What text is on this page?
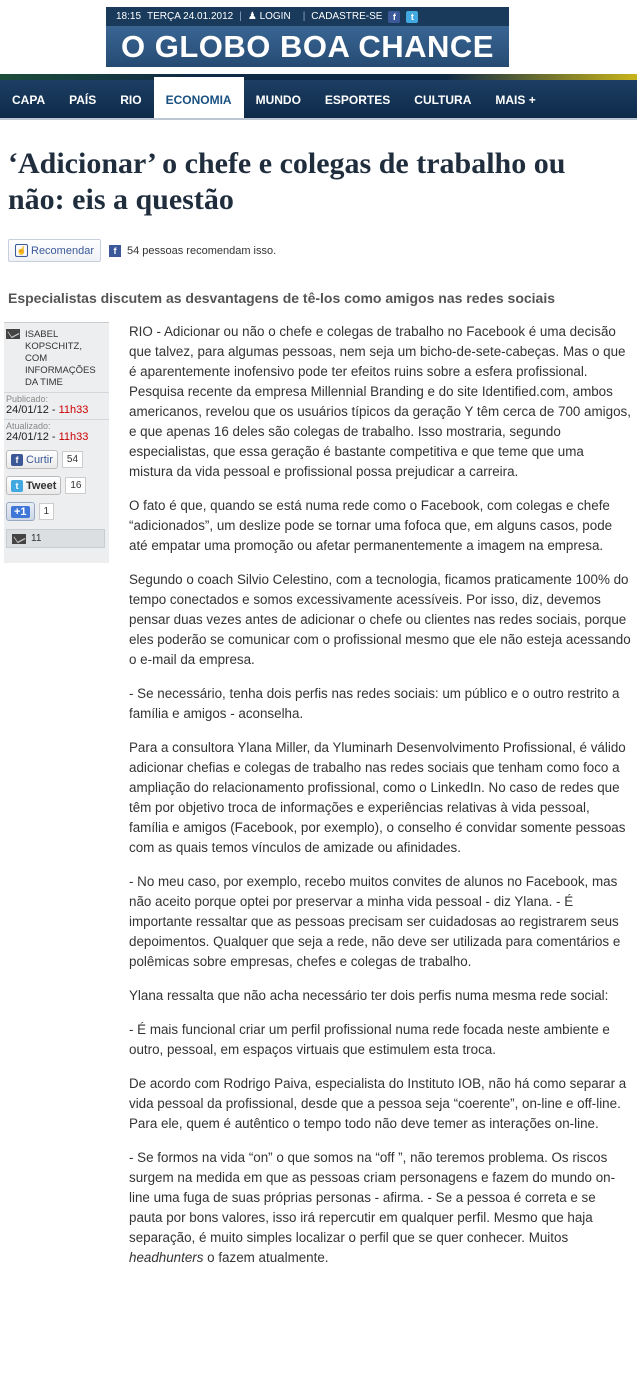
18:15 TERÇA 24.01.2012 | ♟ LOGIN	| CADASTRE-SE	f	t
O GLOBO BOA CHANCE
CAPA	PAÍS	RIO	ECONOMIA	MUNDO	ESPORTES	CULTURA	MAIS +
‘Adicionar’ o chefe e colegas de trabalho ou não: eis a questão
☝ Recomendar	f 54 pessoas recomendam isso.
Especialistas discutem as desvantagens de tê-los como amigos nas redes sociais
ISABEL KOPSCHITZ, COM INFORMAÇÕES DA TIME
Publicado:
24/01/12 - 11h33
Atualizado:
24/01/12 - 11h33
f Curtir	54
t Tweet	16
+1	1
11

RIO - Adicionar ou não o chefe e colegas de trabalho no Facebook é uma decisão que talvez, para algumas pessoas, nem seja um bicho-de-sete-cabeças. Mas o que é aparentemente inofensivo pode ter efeitos ruins sobre a esfera profissional. Pesquisa recente da empresa Millennial Branding e do site Identified.com, ambos americanos, revelou que os usuários típicos da geração Y têm cerca de 700 amigos, e que apenas 16 deles são colegas de trabalho. Isso mostraria, segundo especialistas, que essa geração é bastante competitiva e que teme que uma mistura da vida pessoal e profissional possa prejudicar a carreira.

O fato é que, quando se está numa rede como o Facebook, com colegas e chefe “adicionados”, um deslize pode se tornar uma fofoca que, em alguns casos, pode até empatar uma promoção ou afetar permanentemente a imagem na empresa.

Segundo o coach Silvio Celestino, com a tecnologia, ficamos praticamente 100% do tempo conectados e somos excessivamente acessíveis. Por isso, diz, devemos pensar duas vezes antes de adicionar o chefe ou clientes nas redes sociais, porque eles poderão se comunicar com o profissional mesmo que ele não esteja acessando o e-mail da empresa.

- Se necessário, tenha dois perfis nas redes sociais: um público e o outro restrito a família e amigos - aconselha.

Para a consultora Ylana Miller, da Yluminarh Desenvolvimento Profissional, é válido adicionar chefias e colegas de trabalho nas redes sociais que tenham como foco a ampliação do relacionamento profissional, como o LinkedIn. No caso de redes que têm por objetivo troca de informações e experiências relativas à vida pessoal, família e amigos (Facebook, por exemplo), o conselho é convidar somente pessoas com as quais temos vínculos de amizade ou afinidades.

- No meu caso, por exemplo, recebo muitos convites de alunos no Facebook, mas não aceito porque optei por preservar a minha vida pessoal - diz Ylana. - É importante ressaltar que as pessoas precisam ser cuidadosas ao registrarem seus depoimentos. Qualquer que seja a rede, não deve ser utilizada para comentários e polêmicas sobre empresas, chefes e colegas de trabalho.

Ylana ressalta que não acha necessário ter dois perfis numa mesma rede social:

- É mais funcional criar um perfil profissional numa rede focada neste ambiente e outro, pessoal, em espaços virtuais que estimulem esta troca.

De acordo com Rodrigo Paiva, especialista do Instituto IOB, não há como separar a vida pessoal da profissional, desde que a pessoa seja “coerente”, on-line e off-line. Para ele, quem é autêntico o tempo todo não deve temer as interações on-line.

- Se formos na vida “on” o que somos na “off ”, não teremos problema. Os riscos surgem na medida em que as pessoas criam personagens e fazem do mundo on-line uma fuga de suas próprias personas - afirma. - Se a pessoa é correta e se pauta por bons valores, isso irá repercutir em qualquer perfil. Mesmo que haja separação, é muito simples localizar o perfil que se quer conhecer. Muitos headhunters o fazem atualmente.
